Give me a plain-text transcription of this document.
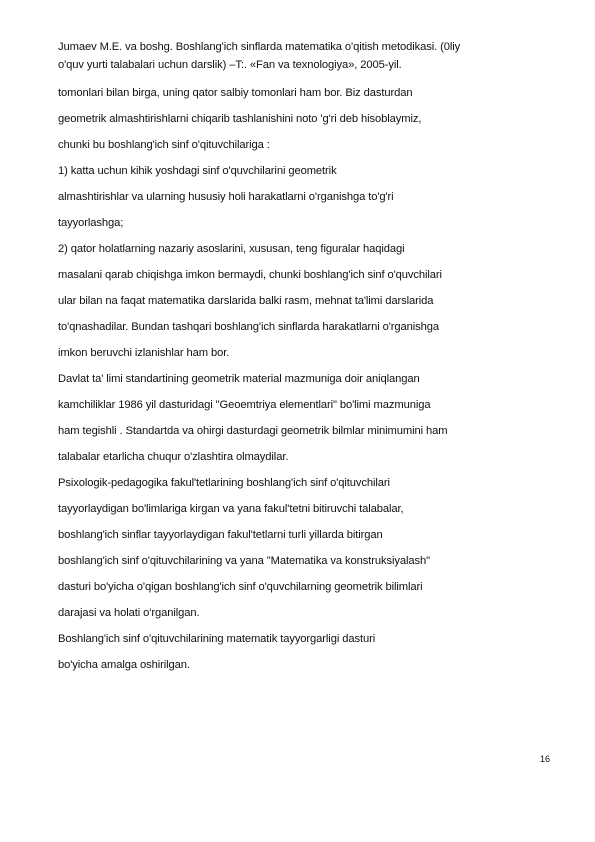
Jumaev M.E. va boshg. Boshlang'ich sinflarda matematika o'qitish metodikasi. (0liy
o'quv yurti talabalari uchun darslik) –T:. «Fan va texnologiya», 2005-yil.
tomonlari bilan birga, uning qator salbiy tomonlari ham bor. Biz dasturdan
geometrik almashtirishlarni chiqarib tashlanishini noto 'g'ri deb hisoblaymiz,
chunki bu boshlang'ich sinf o'qituvchilariga :
1) katta uchun kihik yoshdagi sinf o'quvchilarini geometrik
almashtirishlar va ularning hususiy holi harakatlarni o'rganishga to'g'ri
tayyorlashga;
2) qator holatlarning nazariy asoslarini, xususan, teng figuralar haqidagi
masalani qarab chiqishga imkon bermaydi, chunki boshlang'ich sinf o'quvchilari
ular bilan na faqat matematika darslarida balki rasm, mehnat ta'limi darslarida
to'qnashadilar. Bundan tashqari boshlang'ich sinflarda harakatlarni o'rganishga
imkon beruvchi izlanishlar ham bor.
Davlat ta' limi standartining geometrik material mazmuniga doir aniqlangan
kamchiliklar 1986 yil dasturidagi "Geoemtriya elementlari" bo'limi mazmuniga
ham tegishli . Standartda va ohirgi dasturdagi geometrik bilmlar minimumini ham
talabalar etarlicha chuqur o'zlashtira olmaydilar.
Psixologik-pedagogika fakul'tetlarining boshlang'ich sinf o'qituvchilari
tayyorlaydigan bo'limlariga kirgan va yana fakul'tetni bitiruvchi talabalar,
boshlang'ich sinflar tayyorlaydigan fakul'tetlarni turli yillarda bitirgan
boshlang'ich sinf o'qituvchilarining va yana "Matematika va konstruksiyalash"
dasturi bo'yicha o'qigan boshlang'ich sinf o'quvchilarning geometrik bilimlari
darajasi va holati o'rganilgan.
Boshlang'ich sinf o'qituvchilarining matematik tayyorgarligi dasturi
bo'yicha amalga oshirilgan.
16
